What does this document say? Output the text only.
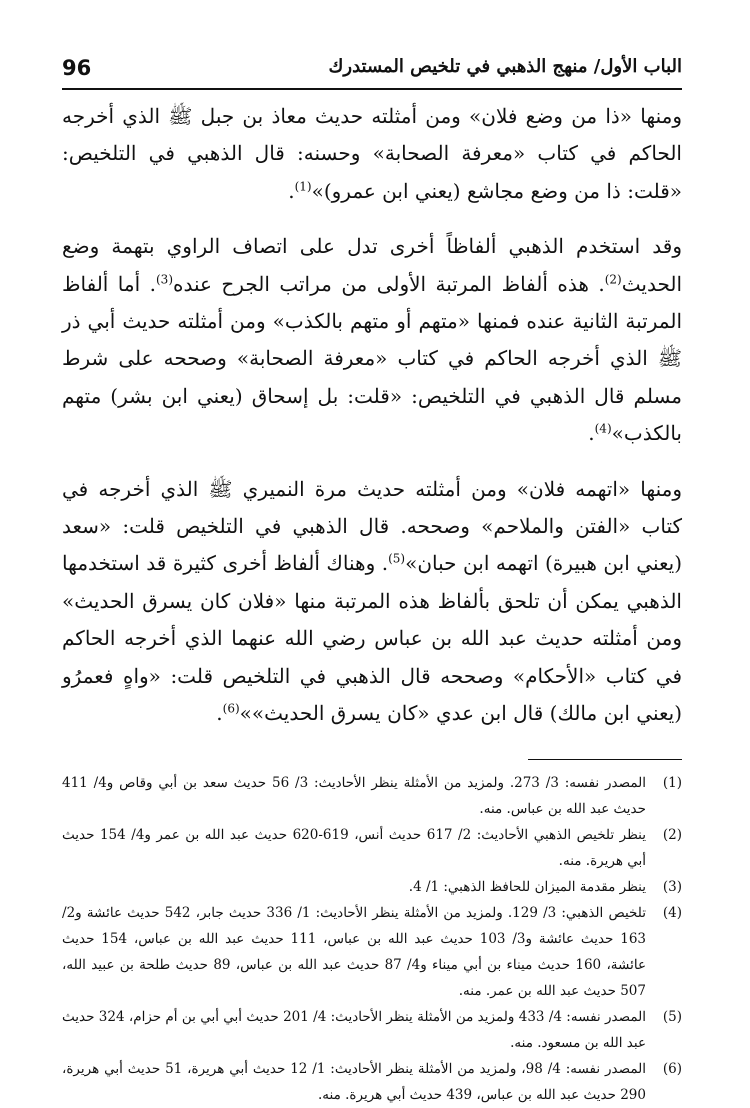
96	الباب الأول/ منهج الذهبي في تلخيص المستدرك

ومنها «ذا من وضع فلان» ومن أمثلته حديث معاذ بن جبل ﷺ الذي أخرجه الحاكم في كتاب «معرفة الصحابة» وحسنه: قال الذهبي في التلخيص: «قلت: ذا من وضع مجاشع (يعني ابن عمرو)»$^{(1)}$.

وقد استخدم الذهبي ألفاظاً أخرى تدل على اتصاف الراوي بتهمة وضع الحديث$^{(2)}$. هذه ألفاظ المرتبة الأولى من مراتب الجرح عنده$^{(3)}$. أما ألفاظ المرتبة الثانية عنده فمنها «متهم أو متهم بالكذب» ومن أمثلته حديث أبي ذر ﷺ الذي أخرجه الحاكم في كتاب «معرفة الصحابة» وصححه على شرط مسلم قال الذهبي في التلخيص: «قلت: بل إسحاق (يعني ابن بشر) متهم بالكذب»$^{(4)}$.

ومنها «اتهمه فلان» ومن أمثلته حديث مرة النميري ﷺ الذي أخرجه في كتاب «الفتن والملاحم» وصححه. قال الذهبي في التلخيص قلت: «سعد (يعني ابن هبيرة) اتهمه ابن حبان»$^{(5)}$. وهناك ألفاظ أخرى كثيرة قد استخدمها الذهبي يمكن أن تلحق بألفاظ هذه المرتبة منها «فلان كان يسرق الحديث» ومن أمثلته حديث عبد الله بن عباس رضي الله عنهما الذي أخرجه الحاكم في كتاب «الأحكام» وصححه قال الذهبي في التلخيص قلت: «واهٍ فعمرُو (يعني ابن مالك) قال ابن عدي «كان يسرق الحديث»»$^{(6)}$.

(1)
المصدر نفسه: 3/ 273. ولمزيد من الأمثلة ينظر الأحاديث: 3/ 56 حديث سعد بن أبي وقاص و4/ 411 حديث عبد الله بن عباس. منه.
(2)
ينظر تلخيص الذهبي الأحاديث: 2/ 617 حديث أنس، 619-620 حديث عبد الله بن عمر و4/ 154 حديث أبي هريرة. منه.
(3)
ينظر مقدمة الميزان للحافظ الذهبي: 1/ 4.
(4)
تلخيص الذهبي: 3/ 129. ولمزيد من الأمثلة ينظر الأحاديث: 1/ 336 حديث جابر، 542 حديث عائشة و2/ 163 حديث عائشة و3/ 103 حديث عبد الله بن عباس، 111 حديث عبد الله بن عباس، 154 حديث عائشة، 160 حديث ميناء بن أبي ميناء و4/ 87 حديث عبد الله بن عباس، 89 حديث طلحة بن عبيد الله، 507 حديث عبد الله بن عمر. منه.
(5)
المصدر نفسه: 4/ 433 ولمزيد من الأمثلة ينظر الأحاديث: 4/ 201 حديث أبي أبي بن أم حزام، 324 حديث عبد الله بن مسعود. منه.
(6)
المصدر نفسه: 4/ 98، ولمزيد من الأمثلة ينظر الأحاديث: 1/ 12 حديث أبي هريرة، 51 حديث أبي هريرة، 290 حديث عبد الله بن عباس، 439 حديث أبي هريرة. منه.
